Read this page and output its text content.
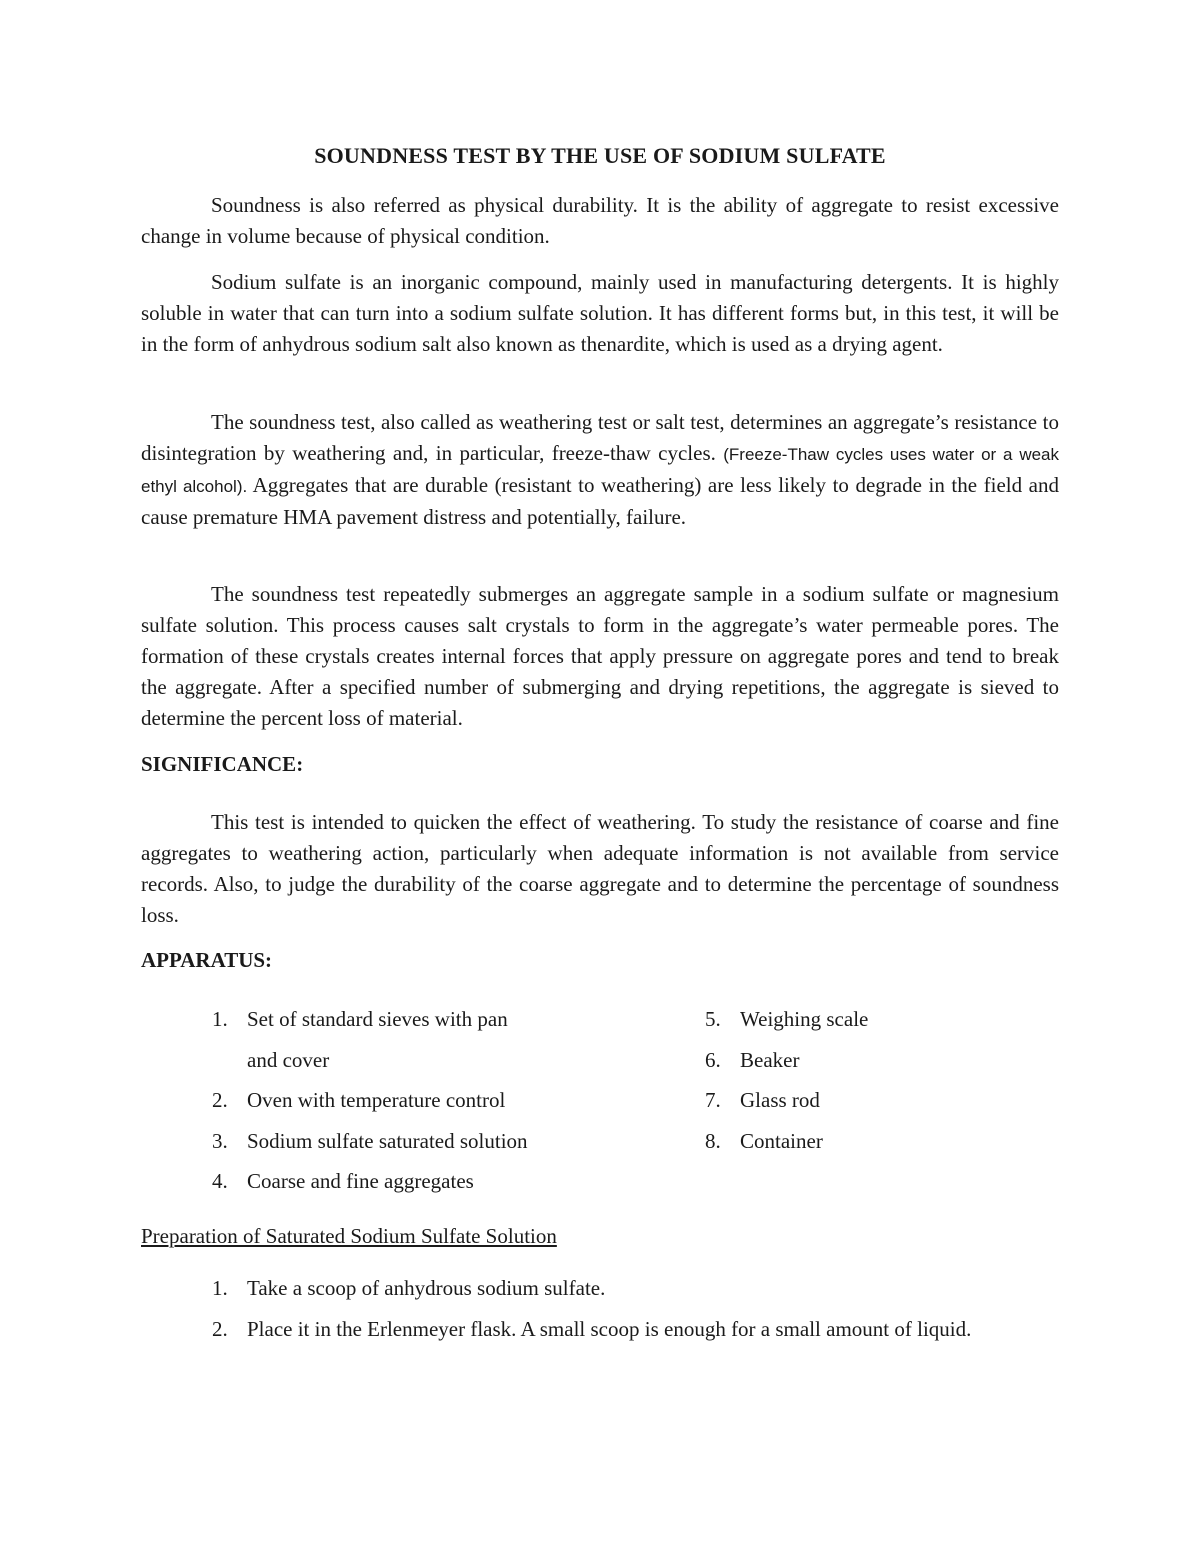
SOUNDNESS TEST BY THE USE OF SODIUM SULFATE

Soundness is also referred as physical durability. It is the ability of aggregate to resist excessive change in volume because of physical condition.

Sodium sulfate is an inorganic compound, mainly used in manufacturing detergents. It is highly soluble in water that can turn into a sodium sulfate solution. It has different forms but, in this test, it will be in the form of anhydrous sodium salt also known as thenardite, which is used as a drying agent.

The soundness test, also called as weathering test or salt test, determines an aggregate’s resistance to disintegration by weathering and, in particular, freeze-thaw cycles. (Freeze-Thaw cycles uses water or a weak ethyl alcohol). Aggregates that are durable (resistant to weathering) are less likely to degrade in the field and cause premature HMA pavement distress and potentially, failure.

The soundness test repeatedly submerges an aggregate sample in a sodium sulfate or magnesium sulfate solution. This process causes salt crystals to form in the aggregate’s water permeable pores. The formation of these crystals creates internal forces that apply pressure on aggregate pores and tend to break the aggregate. After a specified number of submerging and drying repetitions, the aggregate is sieved to determine the percent loss of material.

SIGNIFICANCE:

This test is intended to quicken the effect of weathering. To study the resistance of coarse and fine aggregates to weathering action, particularly when adequate information is not available from service records. Also, to judge the durability of the coarse aggregate and to determine the percentage of soundness loss.

APPARATUS:
1. Set of standard sieves with pan
and cover
2. Oven with temperature control
3. Sodium sulfate saturated solution
4. Coarse and fine aggregates
5. Weighing scale
6. Beaker
7. Glass rod
8. Container
Preparation of Saturated Sodium Sulfate Solution
1. Take a scoop of anhydrous sodium sulfate.
2. Place it in the Erlenmeyer flask. A small scoop is enough for a small amount of liquid.
